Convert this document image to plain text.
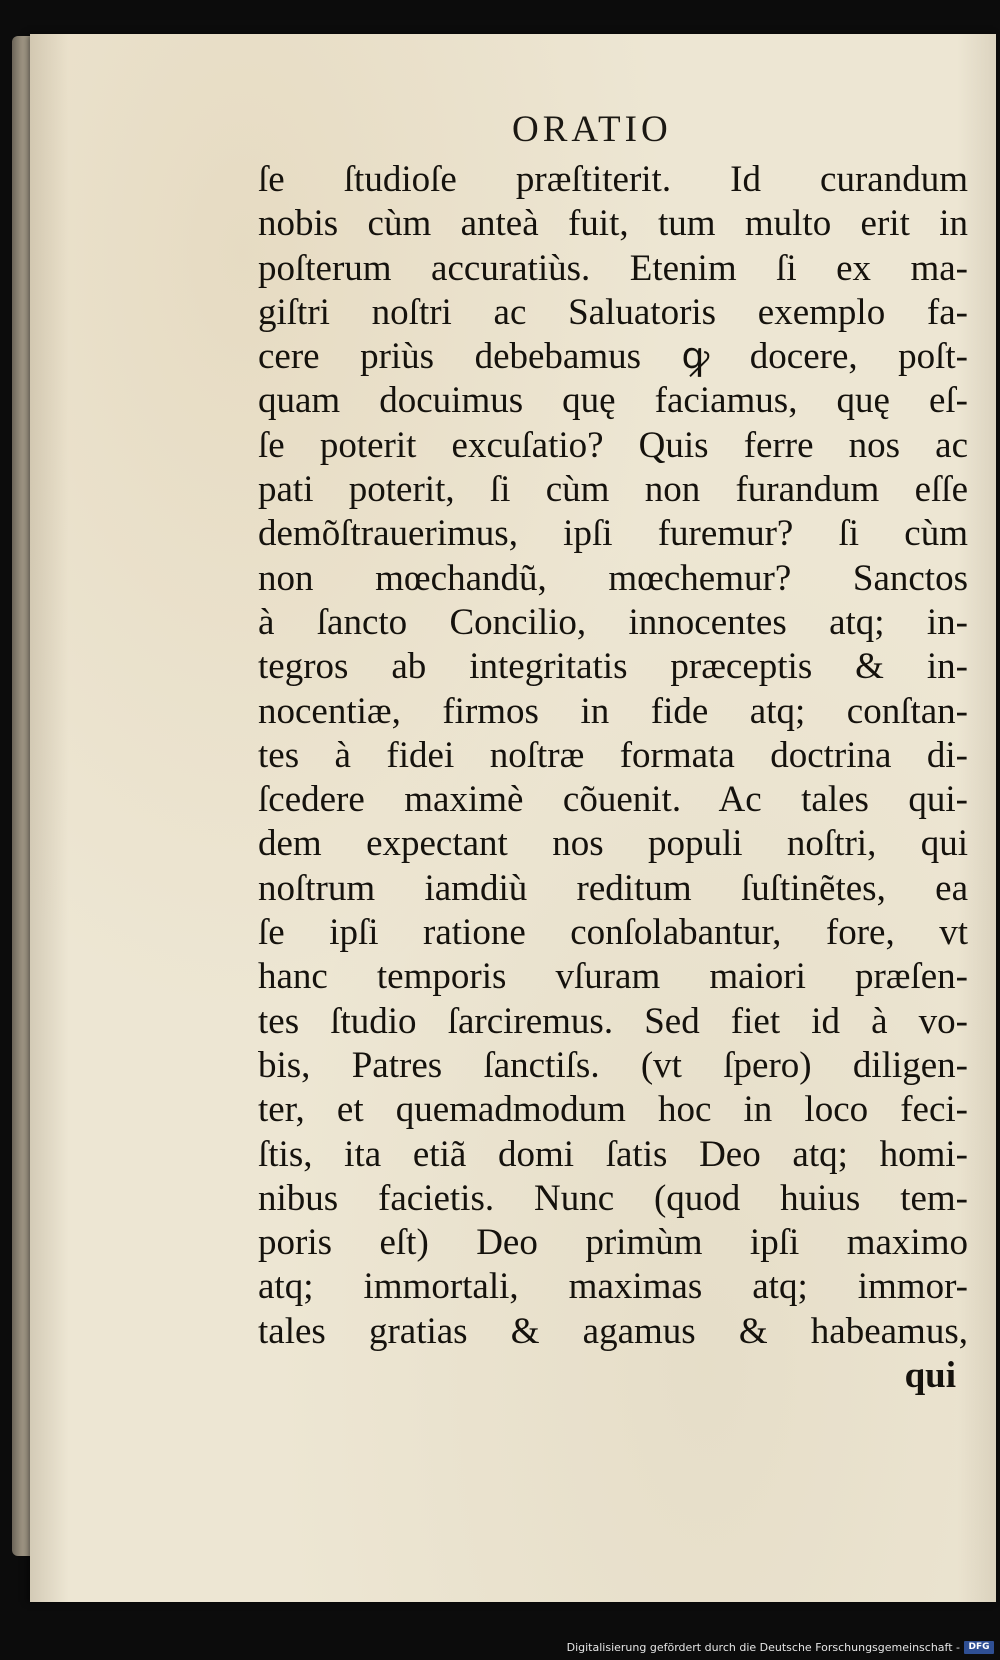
ORATIO
ſe ſtudioſe præſtiterit. Id curandum
nobis cùm anteà fuit, tum multo erit in
poſterum accuratiùs. Etenim ſi ex ma-
giſtri noſtri ac Saluatoris exemplo fa-
cere priùs debebamus ꝙ docere, poſt-
quam docuimus quę faciamus, quę eſ-
ſe poterit excuſatio? Quis ferre nos ac
pati poterit, ſi cùm non furandum eſſe
demõſtrauerimus, ipſi furemur? ſi cùm
non mœchandũ, mœchemur? Sanctos
à ſancto Concilio, innocentes atq; in-
tegros ab integritatis præceptis & in-
nocentiæ, firmos in fide atq; conſtan-
tes à fidei noſtræ formata doctrina di-
ſcedere maximè cõuenit. Ac tales qui-
dem expectant nos populi noſtri, qui
noſtrum iamdiù reditum ſuſtinẽtes, ea
ſe ipſi ratione conſolabantur, fore, vt
hanc temporis vſuram maiori præſen-
tes ſtudio ſarciremus. Sed fiet id à vo-
bis, Patres ſanctiſs. (vt ſpero) diligen-
ter, et quemadmodum hoc in loco feci-
ſtis, ita etiã domi ſatis Deo atq; homi-
nibus facietis. Nunc (quod huius tem-
poris eſt) Deo primùm ipſi maximo
atq; immortali, maximas atq; immor-
tales gratias & agamus & habeamus,
qui
Digitalisierung gefördert durch die Deutsche Forschungsgemeinschaft - DFG
